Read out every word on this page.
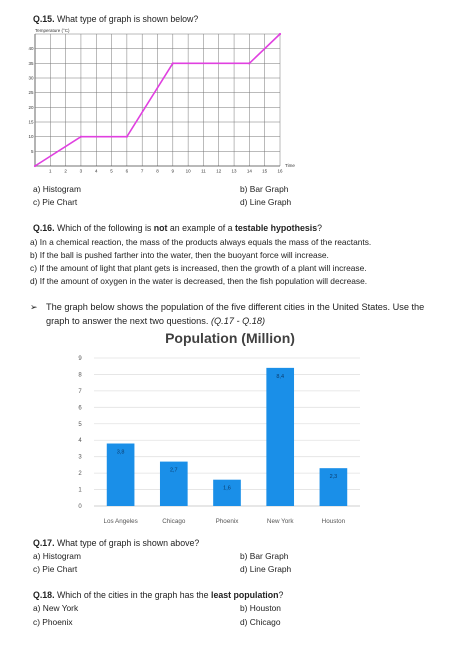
Q.15. What type of graph is shown below?
Temperature (°C)
5
10
15
20
25
30
35
40
1	2	3	4	5	6	7	8	9	10 11 12 13 14 15 16
Time
a) Histogram	b) Bar Graph
c) Pie Chart	d) Line Graph
Q.16. Which of the following is not an example of a testable hypothesis?
a) In a chemical reaction, the mass of the products always equals the mass of the reactants.
b) If the ball is pushed farther into the water, then the buoyant force will increase.
c) If the amount of light that plant gets is increased, then the growth of a plant will increase.
d) If the amount of oxygen in the water is decreased, then the fish population will decrease.
➢ The graph below shows the population of the five different cities in the United States. Use the
graph to answer the next two questions. (Q.17 - Q.18)
Population (Million)
0
1
2
3
4
5
6
7
8
9
3,8
2,7
1,6
8,4
2,3
Los Angeles	Chicago	Phoenix	New York	Houston
Q.17. What type of graph is shown above?
a) Histogram	b) Bar Graph
c) Pie Chart	d) Line Graph
Q.18. Which of the cities in the graph has the least population?
a) New York	b) Houston
c) Phoenix	d) Chicago
